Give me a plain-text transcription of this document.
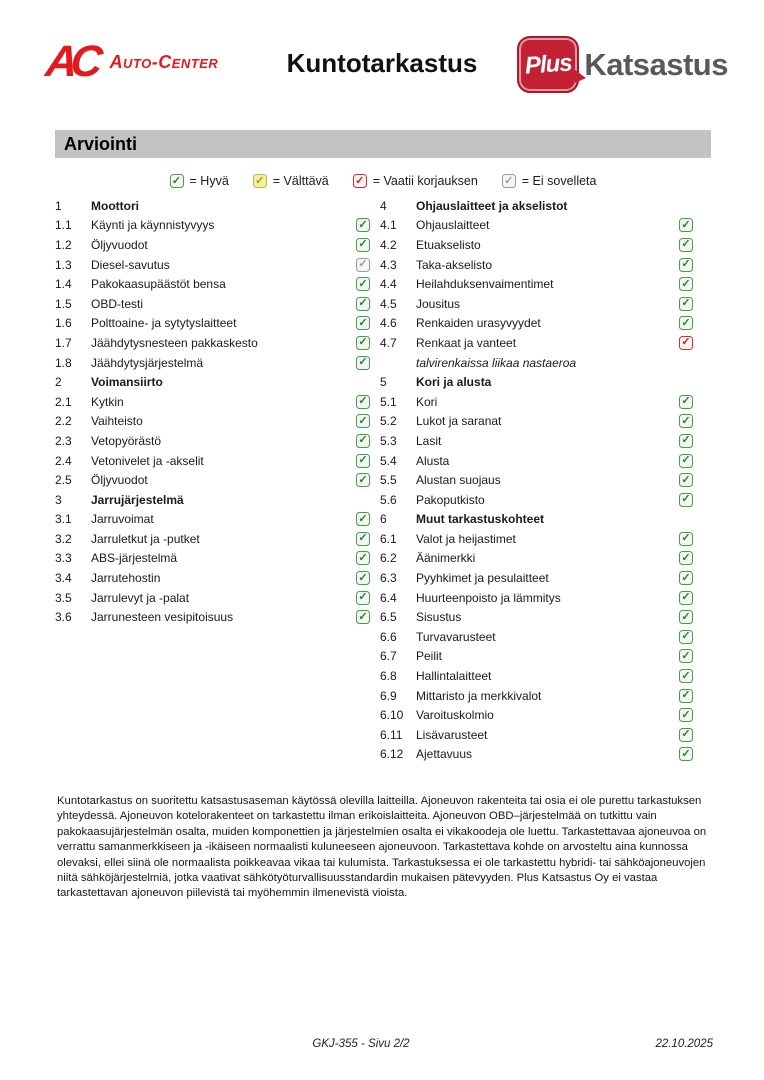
AC Auto-Center	Kuntotarkastus	Plus Katsastus
Arviointi
✓ = Hyvä ✓ = Välttävä ✓ = Vaatii korjauksen ✓ = Ei sovelleta
1	Moottori
1.1	Käynti ja käynnistyvyys	✓
1.2	Öljyvuodot	✓
1.3	Diesel-savutus	✓
1.4	Pakokaasupäästöt bensa	✓
1.5	OBD-testi	✓
1.6	Polttoaine- ja sytytyslaitteet	✓
1.7	Jäähdytysnesteen pakkaskesto	✓
1.8	Jäähdytysjärjestelmä	✓
2	Voimansiirto
2.1	Kytkin	✓
2.2	Vaihteisto	✓
2.3	Vetopyörästö	✓
2.4	Vetonivelet ja -akselit	✓
2.5	Öljyvuodot	✓
3	Jarrujärjestelmä
3.1	Jarruvoimat	✓
3.2	Jarruletkut ja -putket	✓
3.3	ABS-järjestelmä	✓
3.4	Jarrutehostin	✓
3.5	Jarrulevyt ja -palat	✓
3.6	Jarrunesteen vesipitoisuus	✓
4	Ohjauslaitteet ja akselistot
4.1	Ohjauslaitteet	✓
4.2	Etuakselisto	✓
4.3	Taka-akselisto	✓
4.4	Heilahduksenvaimentimet	✓
4.5	Jousitus	✓
4.6	Renkaiden urasyvyydet	✓
4.7	Renkaat ja vanteet	✓
talvirenkaissa liikaa nastaeroa
5	Kori ja alusta
5.1	Kori	✓
5.2	Lukot ja saranat	✓
5.3	Lasit	✓
5.4	Alusta	✓
5.5	Alustan suojaus	✓
5.6	Pakoputkisto	✓
6	Muut tarkastuskohteet
6.1	Valot ja heijastimet	✓
6.2	Äänimerkki	✓
6.3	Pyyhkimet ja pesulaitteet	✓
6.4	Huurteenpoisto ja lämmitys	✓
6.5	Sisustus	✓
6.6	Turvavarusteet	✓
6.7	Peilit	✓
6.8	Hallintalaitteet	✓
6.9	Mittaristo ja merkkivalot	✓
6.10	Varoituskolmio	✓
6.11	Lisävarusteet	✓
6.12	Ajettavuus	✓
Kuntotarkastus on suoritettu katsastusaseman käytössä olevilla laitteilla. Ajoneuvon rakenteita tai osia ei ole purettu tarkastuksen yhteydessä. Ajoneuvon kotelorakenteet on tarkastettu ilman erikoislaitteita. Ajoneuvon OBD–järjestelmää on tutkittu vain pakokaasujärjestelmän osalta, muiden komponettien ja järjestelmien osalta ei vikakoodeja ole luettu. Tarkastettavaa ajoneuvoa on verrattu samanmerkkiseen ja -ikäiseen normaalisti kuluneeseen ajoneuvoon. Tarkastettava kohde on arvosteltu aina kunnossa olevaksi, ellei siinä ole normaalista poikkeavaa vikaa tai kulumista. Tarkastuksessa ei ole tarkastettu hybridi- tai sähköajoneuvojen niitä sähköjärjestelmiä, jotka vaativat sähkötyöturvallisuusstandardin mukaisen pätevyyden. Plus Katsastus Oy ei vastaa tarkastettavan ajoneuvon piilevistä tai myöhemmin ilmenevistä vioista.
GKJ-355 - Sivu 2/2	22.10.2025
